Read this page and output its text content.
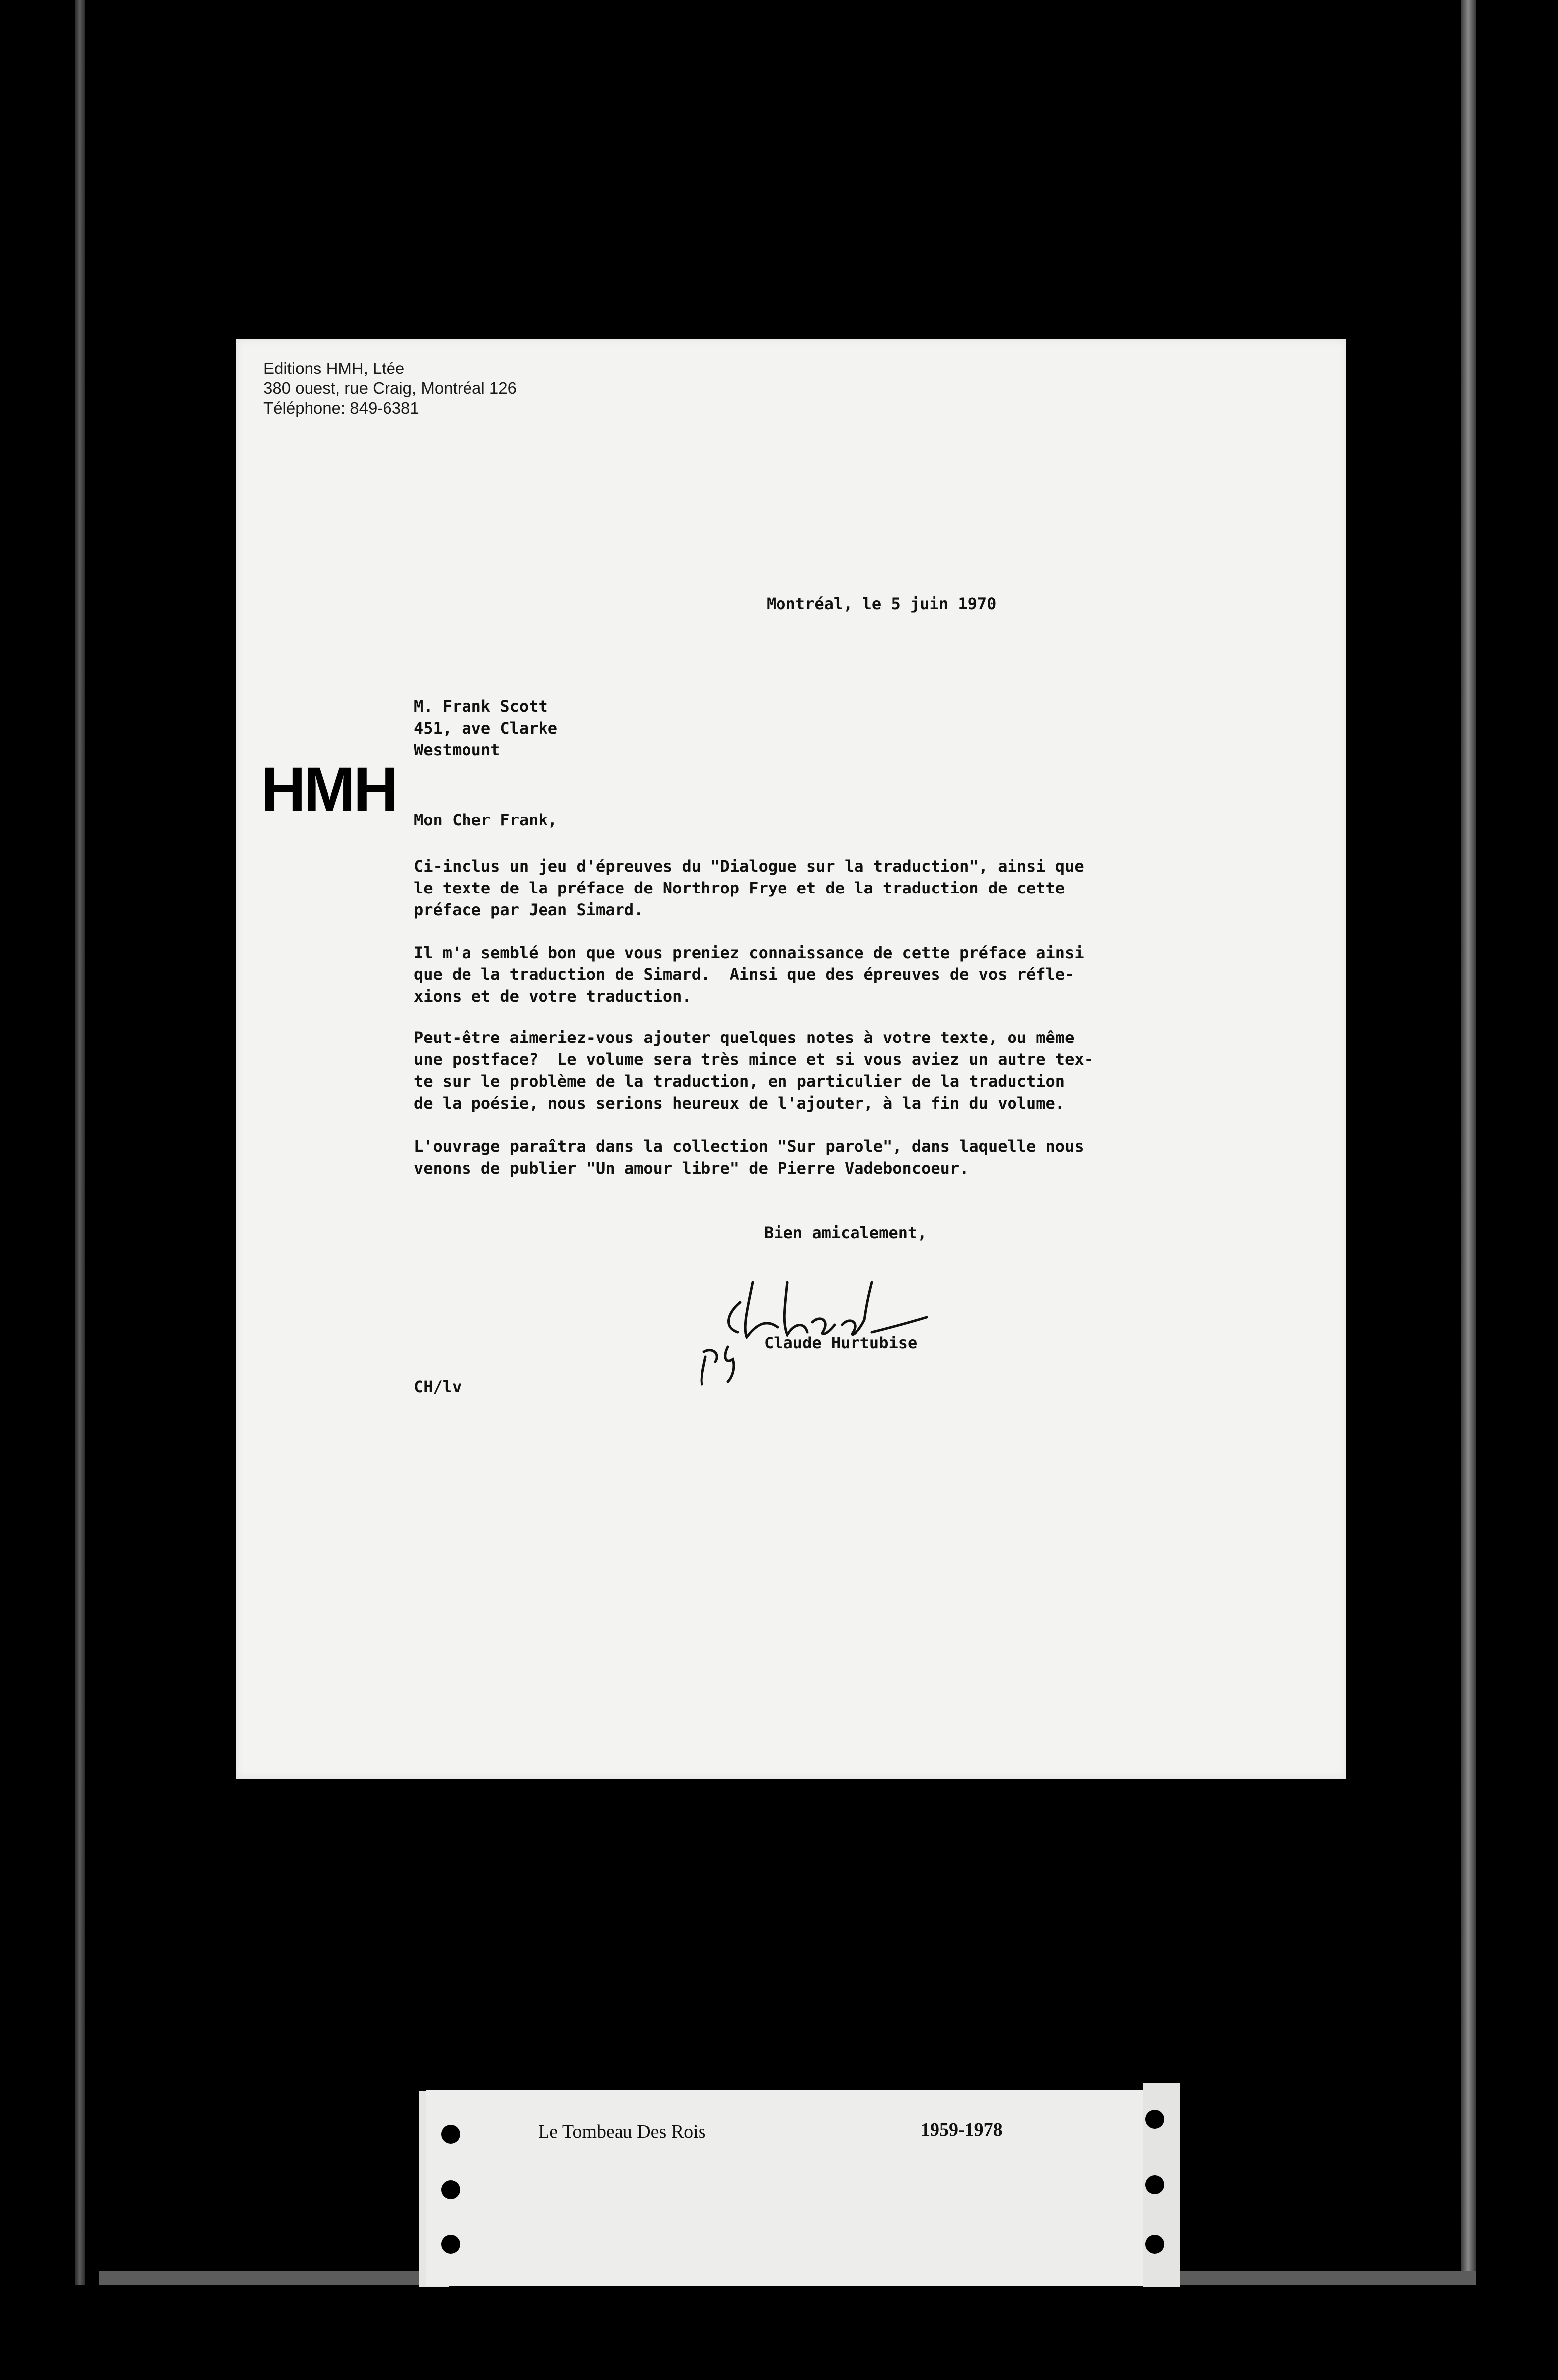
Editions HMH, Ltée
380 ouest, rue Craig, Montréal 126
Téléphone: 849-6381
HMH
Montréal, le 5 juin 1970
M. Frank Scott
451, ave Clarke
Westmount
Mon Cher Frank,
Ci-inclus un jeu d'épreuves du "Dialogue sur la traduction", ainsi que
le texte de la préface de Northrop Frye et de la traduction de cette
préface par Jean Simard.
Il m'a semblé bon que vous preniez connaissance de cette préface ainsi
que de la traduction de Simard.  Ainsi que des épreuves de vos réfle-
xions et de votre traduction.
Peut-être aimeriez-vous ajouter quelques notes à votre texte, ou même
une postface?  Le volume sera très mince et si vous aviez un autre tex-
te sur le problème de la traduction, en particulier de la traduction
de la poésie, nous serions heureux de l'ajouter, à la fin du volume.
L'ouvrage paraîtra dans la collection "Sur parole", dans laquelle nous
venons de publier "Un amour libre" de Pierre Vadeboncoeur.
Bien amicalement,
Claude Hurtubise
CH/lv
Le Tombeau Des Rois	1959-1978
